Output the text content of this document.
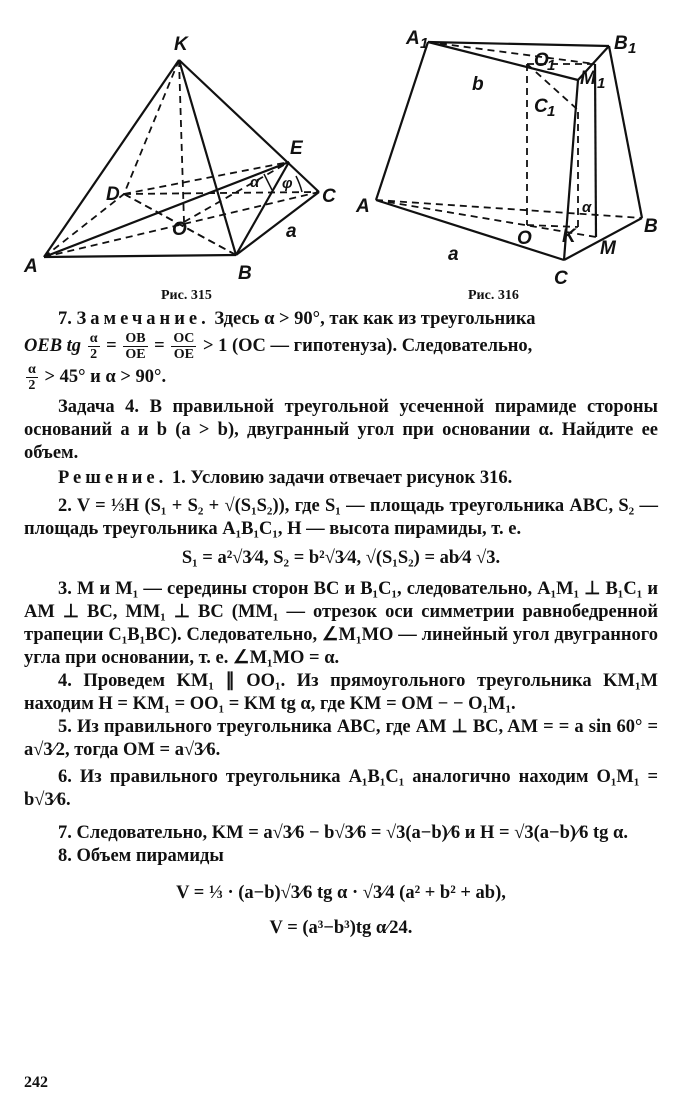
K
D
E
C
O
A	B
a
α φ
Рис. 315
A 1	B 1
O
1
M 1
C 1
b
A
B
O K
M
C
a
α
Рис. 316

7. Замечание. Здесь α > 90°, так как из треугольника

OEB tg $\frac{\alpha}{2} = \frac{OB}{OE} = \frac{OC}{OE} > 1$ (OC — гипотенуза). Следовательно,

$\frac{\alpha}{2} > 45^\circ$ и α > 90°.

Задача 4. В правильной треугольной усеченной пирамиде стороны оснований a и b (a > b), двугранный угол при основании α. Найдите ее объем.

Решение. 1. Условию задачи отвечает рисунок 316.

2. V = ⅓H (S₁ + S₂ + √(S₁S₂)), где S₁ — площадь треугольника ABC, S₂ — площадь треугольника A₁B₁C₁, H — высота пирамиды, т. е.

S₁ = a²√3⁄4, S₂ = b²√3⁄4, √(S₁S₂) = ab⁄4 √3.

3. M и M₁ — середины сторон BC и B₁C₁, следовательно, A₁M₁ ⊥ B₁C₁ и AM ⊥ BC, MM₁ ⊥ BC (MM₁ — отрезок оси симметрии равнобедренной трапеции C₁B₁BC). Следовательно, ∠M₁MO — линейный угол двугранного угла при основании, т. е. ∠M₁MO = α.

4. Проведем KM₁ ∥ OO₁. Из прямоугольного треугольника KM₁M находим H = KM₁ = OO₁ = KM tg α, где KM = OM − − O₁M₁.

5. Из правильного треугольника ABC, где AM ⊥ BC, AM = = a sin 60° = a√3⁄2, тогда OM = a√3⁄6.

6. Из правильного треугольника A₁B₁C₁ аналогично находим O₁M₁ = b√3⁄6.

7. Следовательно, KM = a√3⁄6 − b√3⁄6 = √3(a−b)⁄6 и H = √3(a−b)⁄6 tg α.

8. Объем пирамиды

V = ⅓ · (a−b)√3⁄6 tg α · √3⁄4 (a² + b² + ab),

V = (a³−b³)tg α⁄24.

242
